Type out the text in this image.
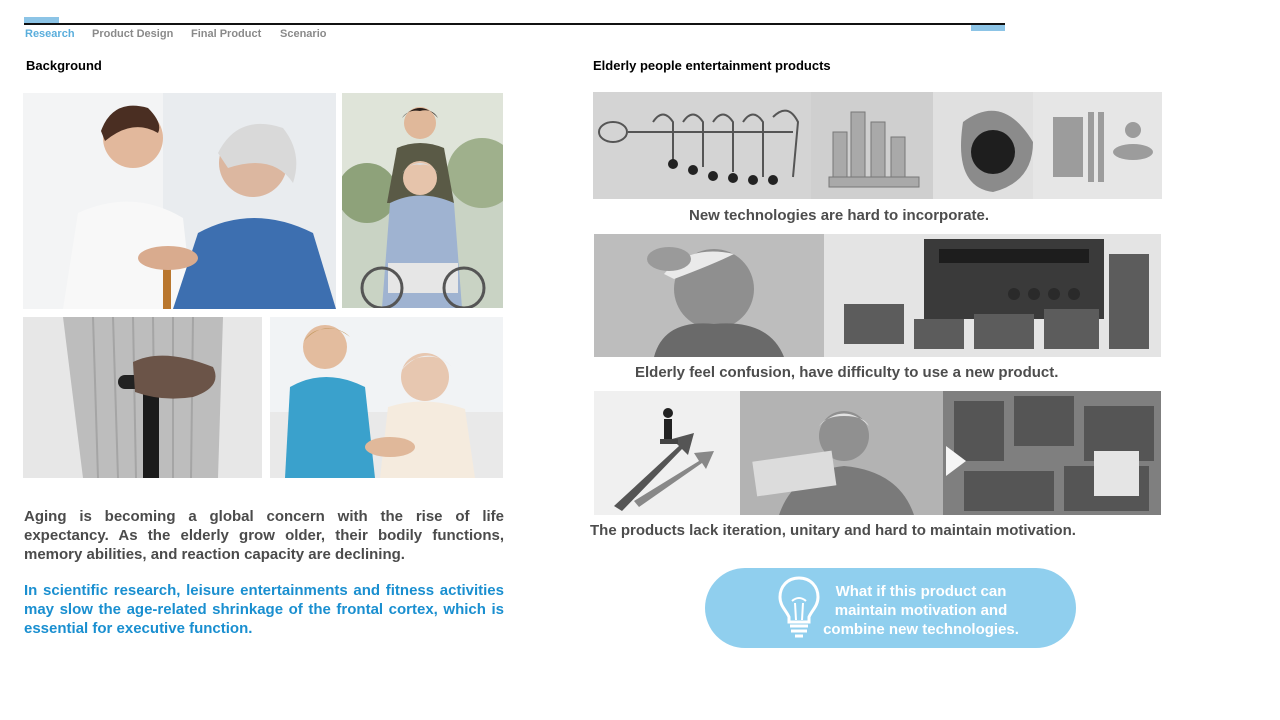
Research Product Design Final Product Scenario
Background
Aging is becoming a global concern with the rise of life expectancy. As the elderly grow older, their bodily functions, memory abilities, and reaction capacity are declining.
In scientific research, leisure entertainments and fitness activities may slow the age-related shrinkage of the frontal cortex, which is essential for executive function.
Elderly people entertainment products
New technologies are hard to incorporate.
Elderly feel confusion, have difficulty to use a new product.
The products lack iteration, unitary and hard to maintain motivation.
What if this product can maintain motivation and combine new technologies.
